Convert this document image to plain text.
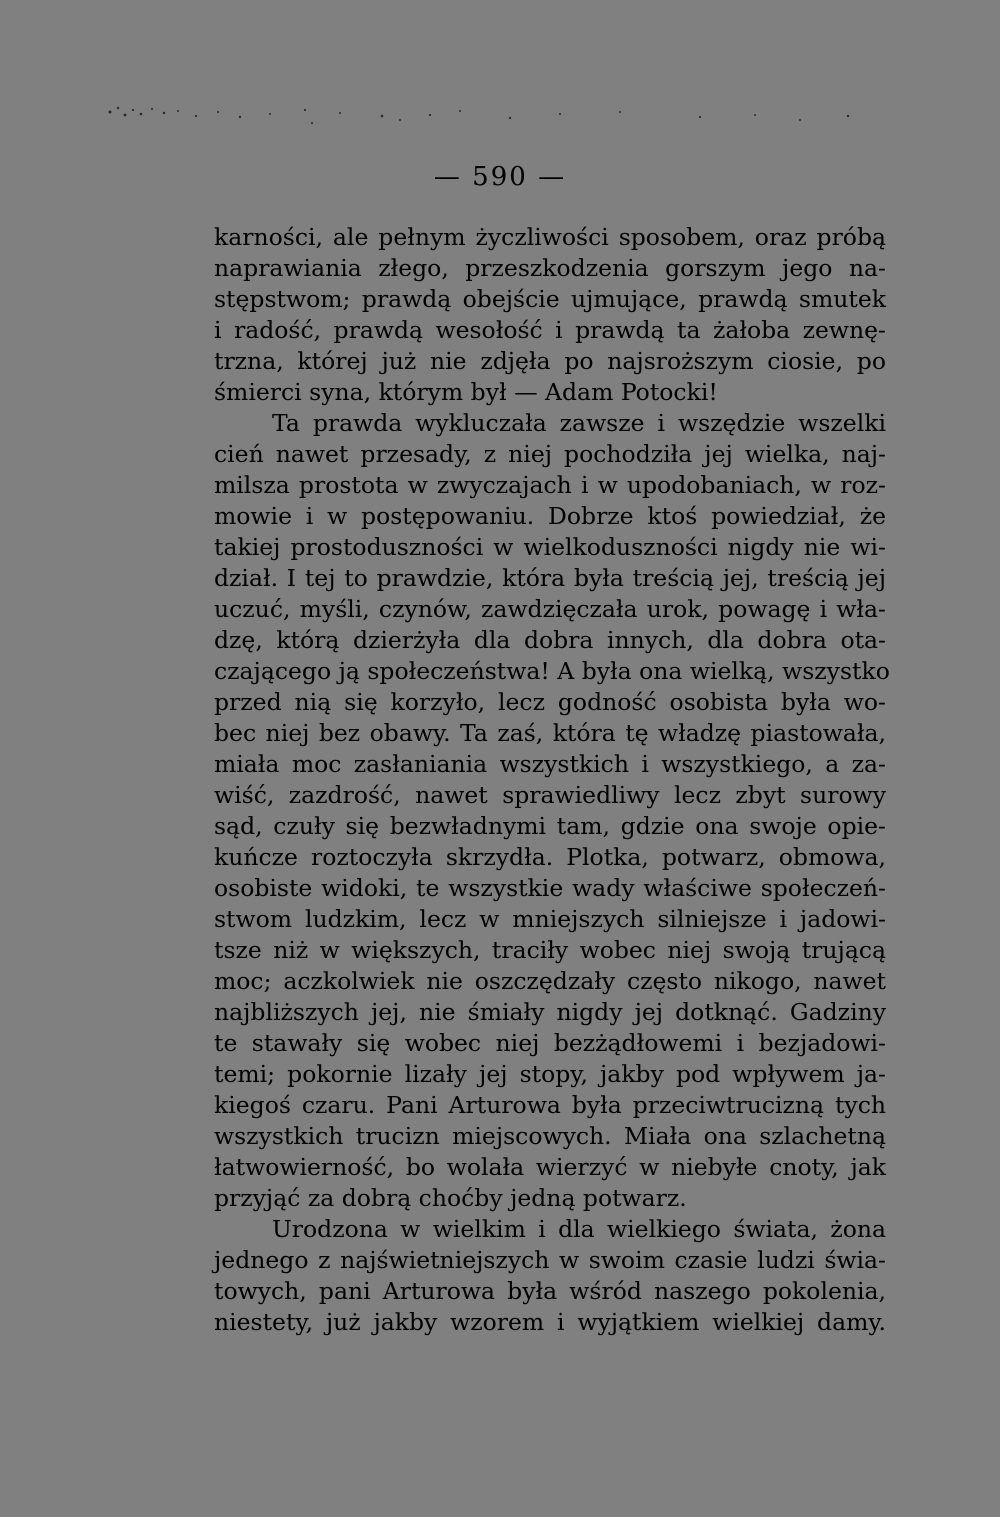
— 590 —
karności, ale pełnym życzliwości sposobem, oraz próbą
naprawiania złego, przeszkodzenia gorszym jego na-
stępstwom; prawdą obejście ujmujące, prawdą smutek
i radość, prawdą wesołość i prawdą ta żałoba zewnę-
trzna, której już nie zdjęła po najsroższym ciosie, po
śmierci syna, którym był — Adam Potocki!
Ta prawda wykluczała zawsze i wszędzie wszelki
cień nawet przesady, z niej pochodziła jej wielka, naj-
milsza prostota w zwyczajach i w upodobaniach, w roz-
mowie i w postępowaniu. Dobrze ktoś powiedział, że
takiej prostoduszności w wielkoduszności nigdy nie wi-
dział. I tej to prawdzie, która była treścią jej, treścią jej
uczuć, myśli, czynów, zawdzięczała urok, powagę i wła-
dzę, którą dzierżyła dla dobra innych, dla dobra ota-
czającego ją społeczeństwa! A była ona wielką, wszystko
przed nią się korzyło, lecz godność osobista była wo-
bec niej bez obawy. Ta zaś, która tę władzę piastowała,
miała moc zasłaniania wszystkich i wszystkiego, a za-
wiść, zazdrość, nawet sprawiedliwy lecz zbyt surowy
sąd, czuły się bezwładnymi tam, gdzie ona swoje opie-
kuńcze roztoczyła skrzydła. Plotka, potwarz, obmowa,
osobiste widoki, te wszystkie wady właściwe społeczeń-
stwom ludzkim, lecz w mniejszych silniejsze i jadowi-
tsze niż w większych, traciły wobec niej swoją trującą
moc; aczkolwiek nie oszczędzały często nikogo, nawet
najbliższych jej, nie śmiały nigdy jej dotknąć. Gadziny
te stawały się wobec niej bezżądłowemi i bezjadowi-
temi; pokornie lizały jej stopy, jakby pod wpływem ja-
kiegoś czaru. Pani Arturowa była przeciwtrucizną tych
wszystkich trucizn miejscowych. Miała ona szlachetną
łatwowierność, bo wolała wierzyć w niebyłe cnoty, jak
przyjąć za dobrą choćby jedną potwarz.
Urodzona w wielkim i dla wielkiego świata, żona
jednego z najświetniejszych w swoim czasie ludzi świa-
towych, pani Arturowa była wśród naszego pokolenia,
niestety, już jakby wzorem i wyjątkiem wielkiej damy.
